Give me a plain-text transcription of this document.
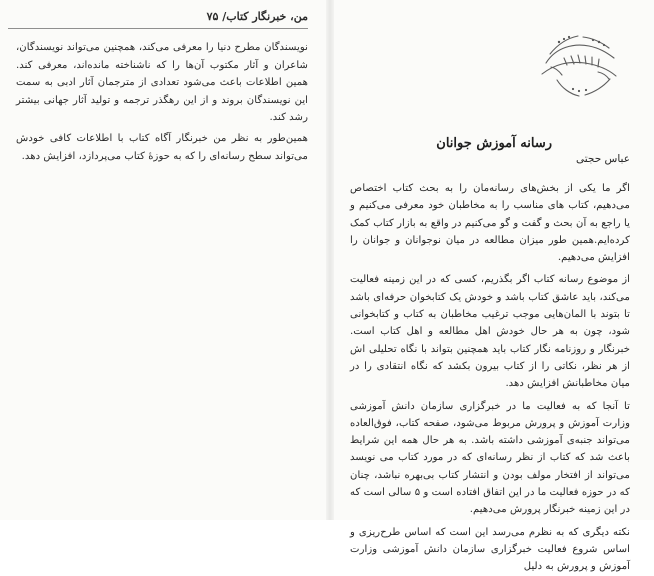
من، خبرنگار کتاب/ ۷۵

نویسندگان مطرح دنیا را معرفی می‌کند، همچنین می‌تواند نویسندگان، شاعران و آثار مکتوب آن‌ها را که ناشناخته مانده‌اند، معرفی کند. همین اطلاعات باعث می‌شود تعدادی از مترجمان آثار ادبی به سمت این نویسندگان بروند و از این رهگذر ترجمه و تولید آثار جهانی بیشتر رشد کند.

همین‌طور به نظر من خبرنگار آگاه کتاب با اطلاعات کافی خودش می‌تواند سطح رسانه‌ای را که به حوزهٔ کتاب می‌پردازد، افزایش دهد.

رسانه آموزش جوانان
عباس حجتی

اگر ما یکی از بخش‌های رسانه‌مان را به بحث کتاب اختصاص می‌دهیم، کتاب های مناسب را به مخاطبان خود معرفی می‌کنیم و یا راجع به آن بحث و گفت و گو می‌کنیم در واقع به بازار کتاب کمک کرده‌ایم.همین طور میزان مطالعه در میان نوجوانان و جوانان را افزایش می‌دهیم.

از موضوع رسانه کتاب اگر بگذریم، کسی که در این زمینه فعالیت می‌کند، باید عاشق کتاب باشد و خودش یک کتابخوان حرفه‌ای باشد تا بتوند با المان‌هایی موجب ترغیب مخاطبان به کتاب و کتابخوانی شود، چون به هر حال خودش اهل مطالعه و اهل کتاب است. خبرنگار و روزنامه نگار کتاب باید همچنین بتواند با نگاه تحلیلی اش از هر نظر، نکاتی را از کتاب بیرون بکشد که نگاه انتقادی را در میان مخاطبانش افزایش دهد.

تا آنجا که به فعالیت ما در خبرگزاری سازمان دانش آموزشی وزارت آموزش و پرورش مربوط می‌شود، صفحه کتاب، فوق‌العاده می‌تواند جنبه‌ی آموزشی داشته باشد. به هر حال همه این شرایط باعث شد که کتاب از نظر رسانه‌ای که در مورد کتاب می نویسد می‌تواند از افتخار مولف بودن و انتشار کتاب بی‌بهره نباشد، چنان که در حوزه فعالیت ما در این اتفاق افتاده است و ۵ سالی است که در این زمینه خبرنگار پرورش می‌دهیم.

نکته دیگری که به نظرم می‌رسد این است که اساس طرح‌ریزی و اساس شروع فعالیت خبرگزاری سازمان دانش آموزشی وزارت آموزش و پرورش به دلیل
